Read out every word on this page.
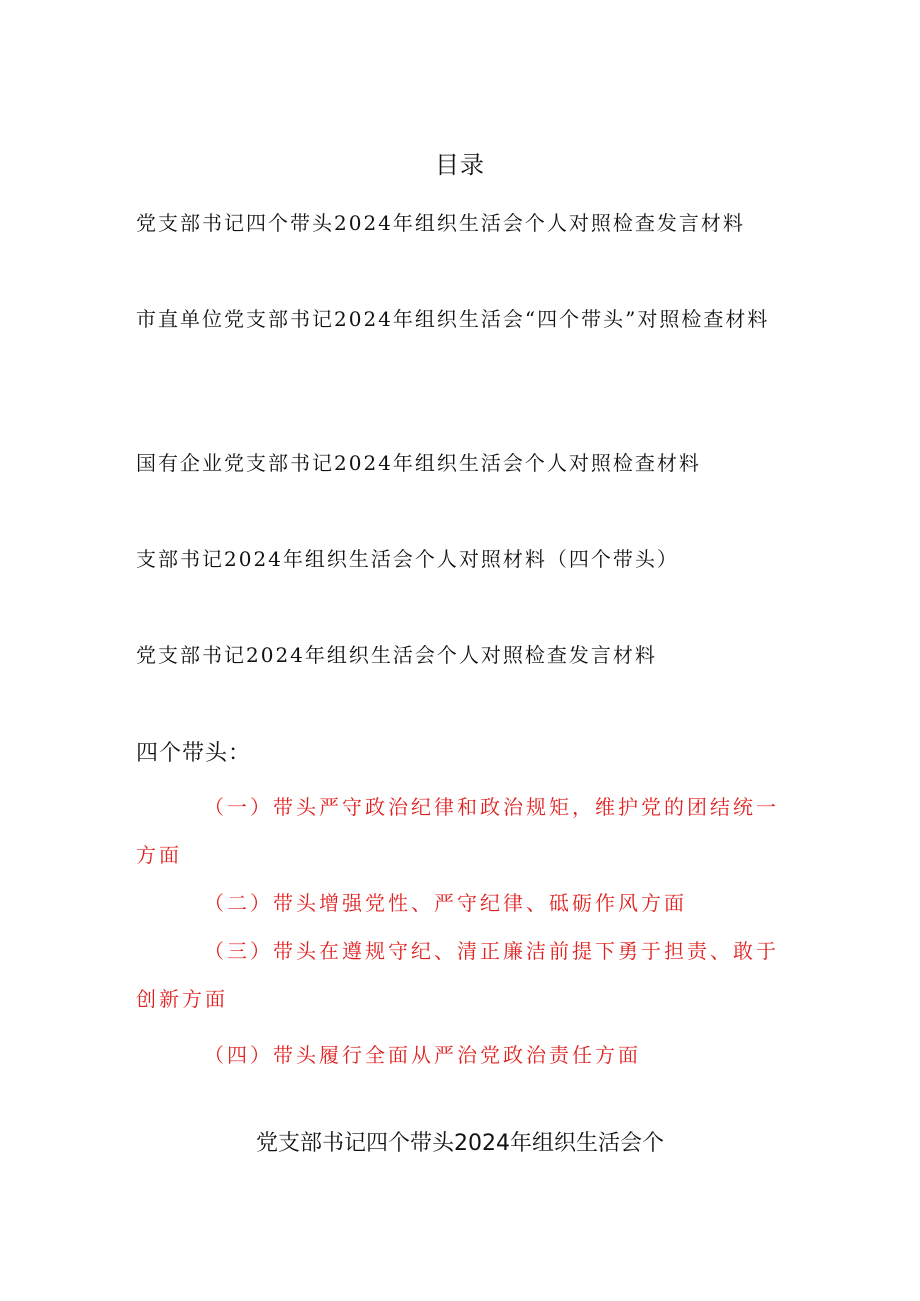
目录
党支部书记四个带头2024年组织生活会个人对照检查发言材料
市直单位党支部书记2024年组织生活会“四个带头”对照检查材料
国有企业党支部书记2024年组织生活会个人对照检查材料
支部书记2024年组织生活会个人对照材料（四个带头）
党支部书记2024年组织生活会个人对照检查发言材料
四个带头：
（一）带头严守政治纪律和政治规矩，维护党的团结统一方面
（二）带头增强党性、严守纪律、砥砺作风方面
（三）带头在遵规守纪、清正廉洁前提下勇于担责、敢于创新方面
（四）带头履行全面从严治党政治责任方面
党支部书记四个带头2024年组织生活会个
